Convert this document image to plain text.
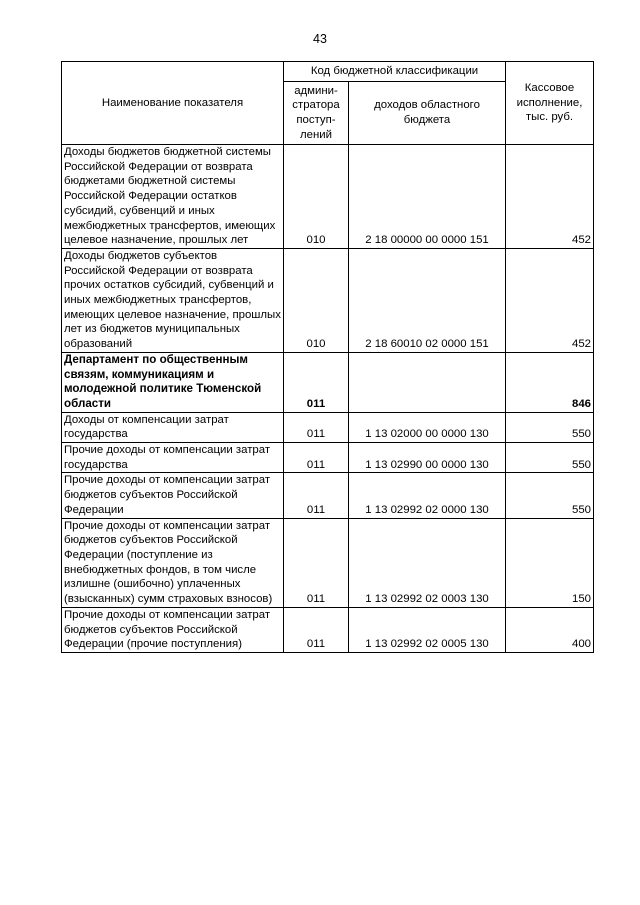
43
Наименование показателя	Код бюджетной классификации		Кассовое исполнение, тыс. руб.
	админи-стратора поступ-лений	доходов областного бюджета	
Доходы бюджетов бюджетной системы Российской Федерации от возврата бюджетами бюджетной системы Российской Федерации остатков субсидий, субвенций и иных межбюджетных трансфертов, имеющих целевое назначение, прошлых лет	010	2 18 00000 00 0000 151	452
Доходы бюджетов субъектов Российской Федерации от возврата прочих остатков субсидий, субвенций и иных межбюджетных трансфертов, имеющих целевое назначение, прошлых лет из бюджетов муниципальных образований	010	2 18 60010 02 0000 151	452
Департамент по общественным связям, коммуникациям и молодежной политике Тюменской области	011		846
Доходы от компенсации затрат государства	011	1 13 02000 00 0000 130	550
Прочие доходы от компенсации затрат государства	011	1 13 02990 00 0000 130	550
Прочие доходы от компенсации затрат бюджетов субъектов Российской Федерации	011	1 13 02992 02 0000 130	550
Прочие доходы от компенсации затрат бюджетов субъектов Российской Федерации (поступление из внебюджетных фондов, в том числе излишне (ошибочно) уплаченных (взысканных) сумм страховых взносов)	011	1 13 02992 02 0003 130	150
Прочие доходы от компенсации затрат бюджетов субъектов Российской Федерации (прочие поступления)	011	1 13 02992 02 0005 130	400
